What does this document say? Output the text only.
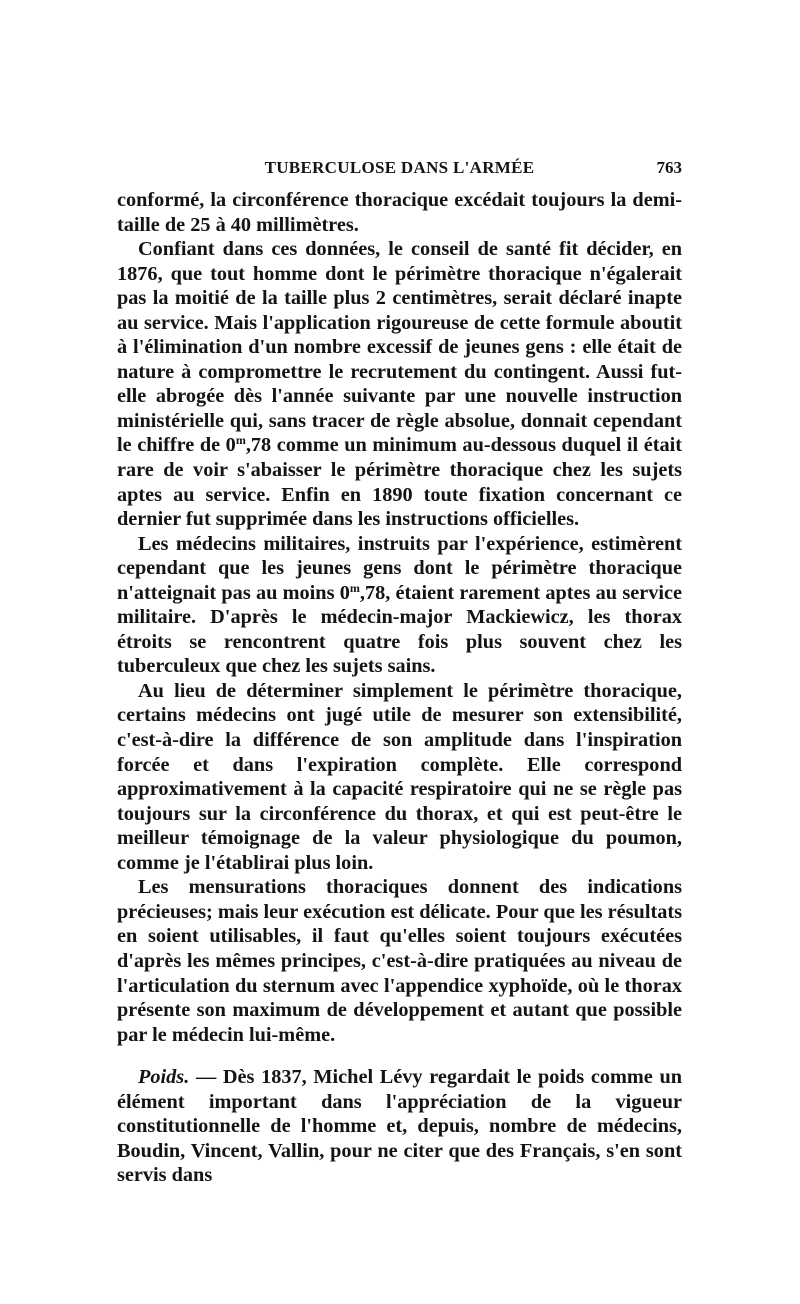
TUBERCULOSE DANS L'ARMÉE	763

conformé, la circonférence thoracique excédait toujours la demi-taille de 25 à 40 millimètres.

Confiant dans ces données, le conseil de santé fit décider, en 1876, que tout homme dont le périmètre thoracique n'égalerait pas la moitié de la taille plus 2 centimètres, serait déclaré inapte au service. Mais l'application rigoureuse de cette formule aboutit à l'élimination d'un nombre excessif de jeunes gens : elle était de nature à compromettre le recrutement du contingent. Aussi fut-elle abrogée dès l'année suivante par une nouvelle instruction ministérielle qui, sans tracer de règle absolue, donnait cependant le chiffre de 0$^m$,78 comme un minimum au-dessous duquel il était rare de voir s'abaisser le périmètre thoracique chez les sujets aptes au service. Enfin en 1890 toute fixation concernant ce dernier fut supprimée dans les instructions officielles.

Les médecins militaires, instruits par l'expérience, estimèrent cependant que les jeunes gens dont le périmètre thoracique n'atteignait pas au moins 0$^m$,78, étaient rarement aptes au service militaire. D'après le médecin-major Mackiewicz, les thorax étroits se rencontrent quatre fois plus souvent chez les tuberculeux que chez les sujets sains.

Au lieu de déterminer simplement le périmètre thoracique, certains médecins ont jugé utile de mesurer son extensibilité, c'est-à-dire la différence de son amplitude dans l'inspiration forcée et dans l'expiration complète. Elle correspond approximativement à la capacité respiratoire qui ne se règle pas toujours sur la circonférence du thorax, et qui est peut-être le meilleur témoignage de la valeur physiologique du poumon, comme je l'établirai plus loin.

Les mensurations thoraciques donnent des indications précieuses; mais leur exécution est délicate. Pour que les résultats en soient utilisables, il faut qu'elles soient toujours exécutées d'après les mêmes principes, c'est-à-dire pratiquées au niveau de l'articulation du sternum avec l'appendice xyphoïde, où le thorax présente son maximum de développement et autant que possible par le médecin lui-même.

Poids. — Dès 1837, Michel Lévy regardait le poids comme un élément important dans l'appréciation de la vigueur constitutionnelle de l'homme et, depuis, nombre de médecins, Boudin, Vincent, Vallin, pour ne citer que des Français, s'en sont servis dans
